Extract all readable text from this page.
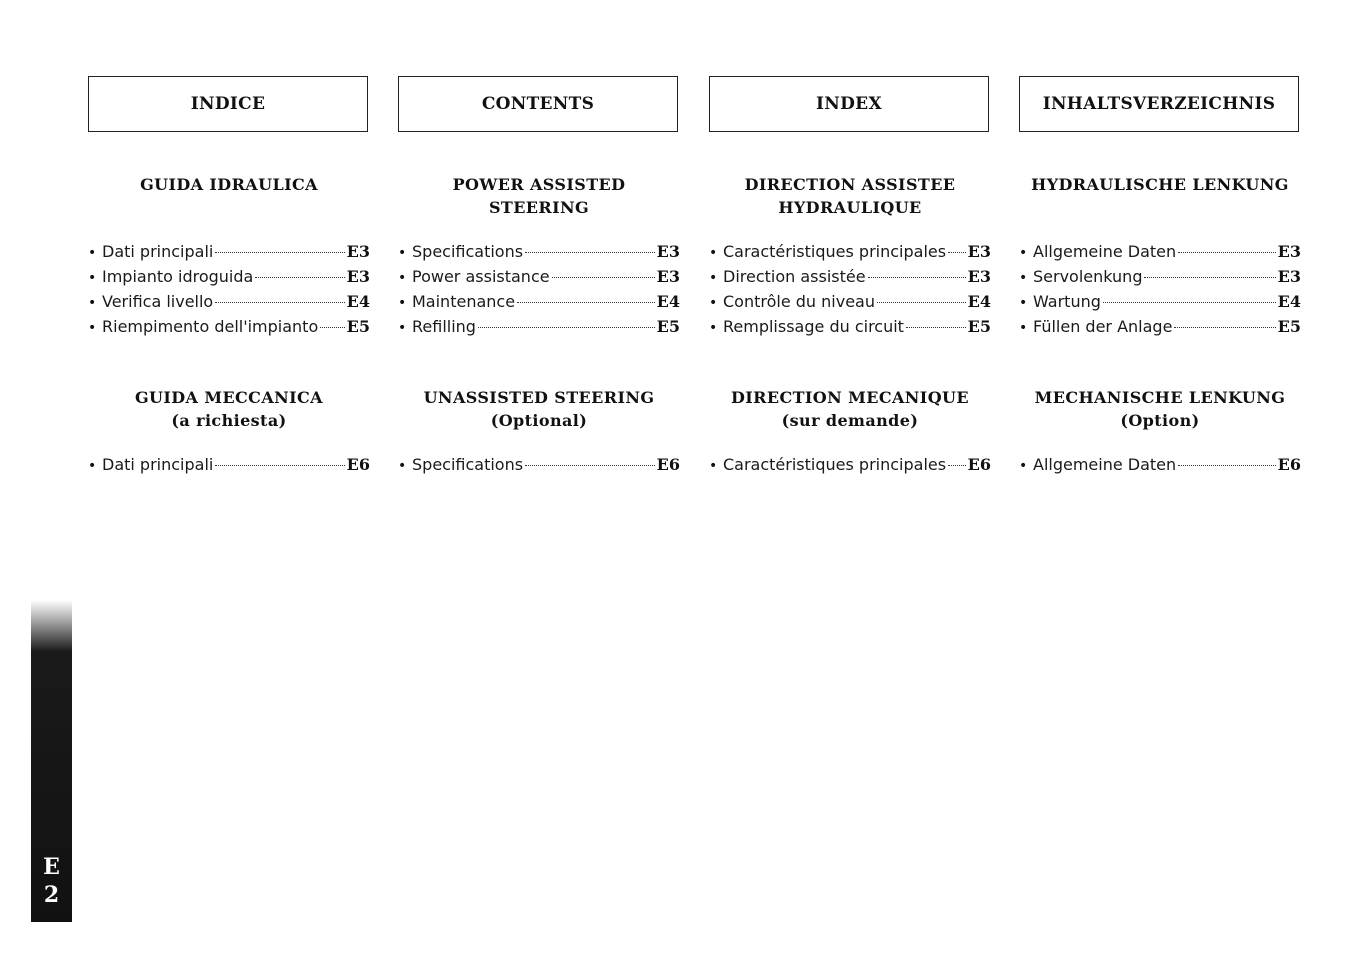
INDICE
GUIDA IDRAULICA
• Dati principali	E3
• Impianto idroguida	E3
• Verifica livello	E4
• Riempimento dell'impianto E5
GUIDA MECCANICA
(a richiesta)
• Dati principali	E6
CONTENTS
POWER ASSISTED
STEERING
• Specifications	E3
• Power assistance	E3
• Maintenance	E4
• Refilling	E5
UNASSISTED STEERING
(Optional)
• Specifications	E6
INDEX
DIRECTION ASSISTEE
HYDRAULIQUE
• Caractéristiques principales E3
• Direction assistée	E3
• Contrôle du niveau	E4
• Remplissage du circuit	E5
DIRECTION MECANIQUE
(sur demande)
• Caractéristiques principales E6
INHALTSVERZEICHNIS
HYDRAULISCHE LENKUNG
• Allgemeine Daten	E3
• Servolenkung	E3
• Wartung	E4
• Füllen der Anlage	E5
MECHANISCHE LENKUNG
(Option)
• Allgemeine Daten	E6
E
2
